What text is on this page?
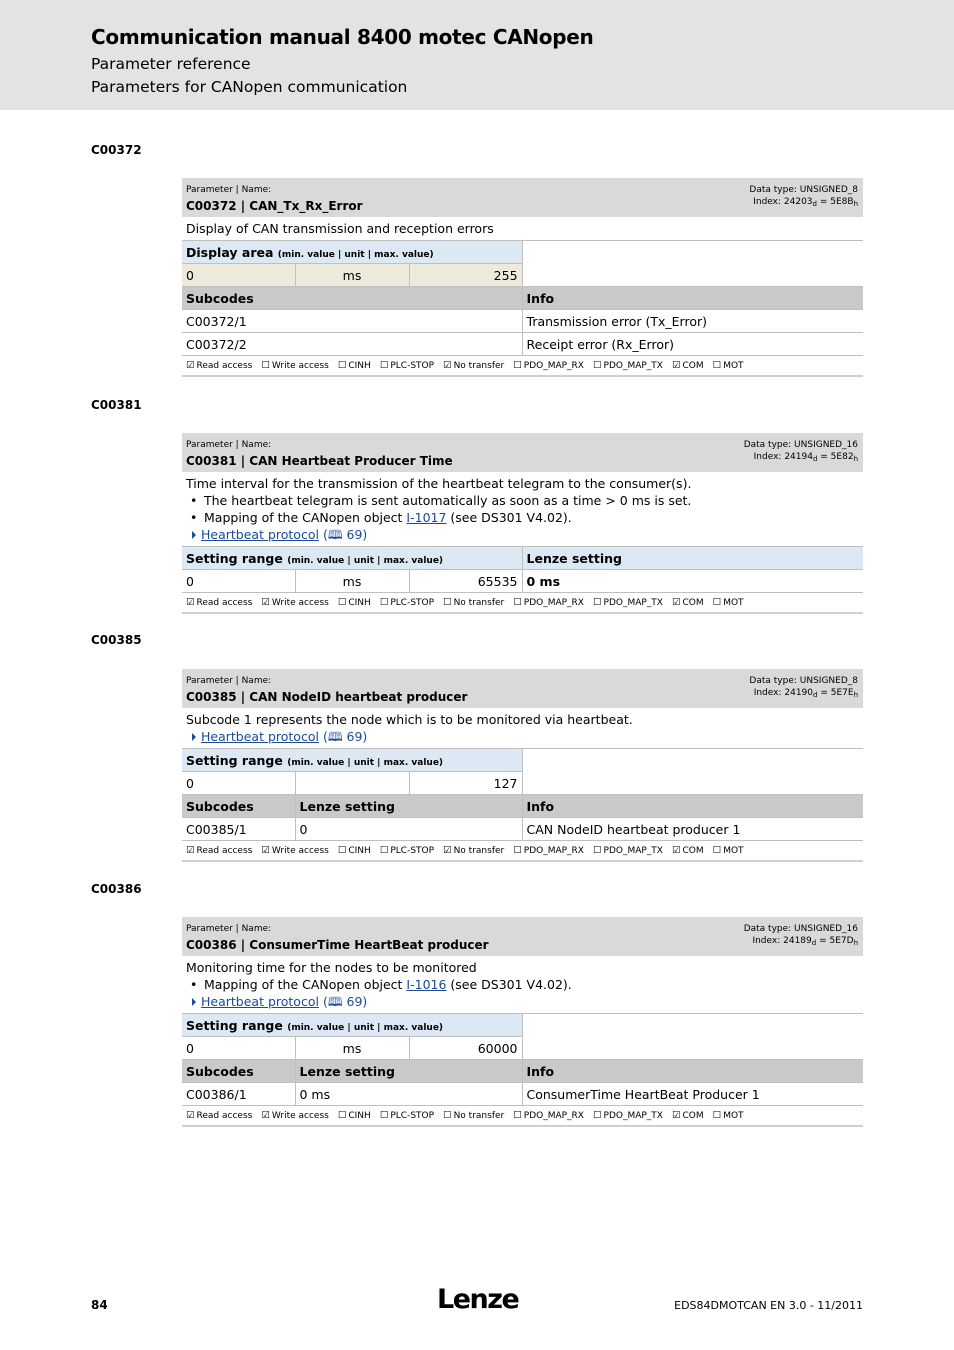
Communication manual 8400 motec CANopen
Parameter reference
Parameters for CANopen communication
C00372
Parameter | Name:
C00372 | CAN_Tx_Rx_Error
Data type: UNSIGNED_8
Index: $24203_d = 5E8B_h$
Display of CAN transmission and reception errors
Display area (min. value | unit | max. value)			
0	ms	255	
Subcodes			Info
C00372/1			Transmission error (Tx_Error)
C00372/2			Receipt error (Rx_Error)
☑ Read access ☐ Write access ☐ CINH ☐ PLC-STOP ☑ No transfer ☐ PDO_MAP_RX ☐ PDO_MAP_TX ☑ COM ☐ MOT
C00381
Parameter | Name:
C00381 | CAN Heartbeat Producer Time
Data type: UNSIGNED_16
Index: $24194_d = 5E82_h$
Time interval for the transmission of the heartbeat telegram to the consumer(s).
• The heartbeat telegram is sent automatically as soon as a time > 0 ms is set.
• Mapping of the CANopen object I-1017 (see DS301 V4.02).
Heartbeat protocol (🕮 69)
Setting range (min. value | unit | max. value)			Lenze setting
0	ms	65535	0 ms
☑ Read access ☑ Write access ☐ CINH ☐ PLC-STOP ☐ No transfer ☐ PDO_MAP_RX ☐ PDO_MAP_TX ☑ COM ☐ MOT
C00385
Parameter | Name:
C00385 | CAN NodeID heartbeat producer
Data type: UNSIGNED_8
Index: $24190_d = 5E7E_h$
Subcode 1 represents the node which is to be monitored via heartbeat.
Heartbeat protocol (🕮 69)
Setting range (min. value | unit | max. value)			
0		127	
Subcodes	Lenze setting		Info
C00385/1	0		CAN NodeID heartbeat producer 1
☑ Read access ☑ Write access ☐ CINH ☐ PLC-STOP ☑ No transfer ☐ PDO_MAP_RX ☐ PDO_MAP_TX ☑ COM ☐ MOT
C00386
Parameter | Name:
C00386 | ConsumerTime HeartBeat producer
Data type: UNSIGNED_16
Index: $24189_d = 5E7D_h$
Monitoring time for the nodes to be monitored
• Mapping of the CANopen object I-1016 (see DS301 V4.02).
Heartbeat protocol (🕮 69)
Setting range (min. value | unit | max. value)			
0	ms	60000	
Subcodes	Lenze setting		Info
C00386/1	0 ms		ConsumerTime HeartBeat Producer 1
☑ Read access ☑ Write access ☐ CINH ☐ PLC-STOP ☐ No transfer ☐ PDO_MAP_RX ☐ PDO_MAP_TX ☑ COM ☐ MOT
84	Lenze	EDS84DMOTCAN EN 3.0 - 11/2011
